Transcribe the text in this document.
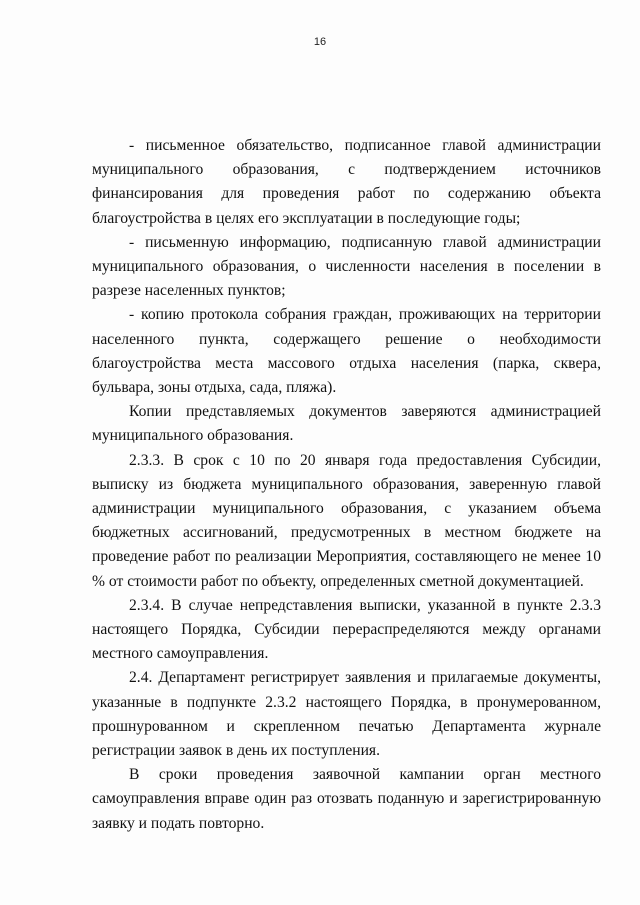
16

- письменное обязательство, подписанное главой администрации муниципального образования, с подтверждением источников финансирования для проведения работ по содержанию объекта благоустройства в целях его эксплуатации в последующие годы;

- письменную информацию, подписанную главой администрации муниципального образования, о численности населения в поселении в разрезе населенных пунктов;

- копию протокола собрания граждан, проживающих на территории населенного пункта, содержащего решение о необходимости благоустройства места массового отдыха населения (парка, сквера, бульвара, зоны отдыха, сада, пляжа).

Копии представляемых документов заверяются администрацией муниципального образования.

2.3.3. В срок с 10 по 20 января года предоставления Субсидии, выписку из бюджета муниципального образования, заверенную главой администрации муниципального образования, с указанием объема бюджетных ассигнований, предусмотренных в местном бюджете на проведение работ по реализации Мероприятия, составляющего не менее 10 % от стоимости работ по объекту, определенных сметной документацией.

2.3.4. В случае непредставления выписки, указанной в пункте 2.3.3 настоящего Порядка, Субсидии перераспределяются между органами местного самоуправления.

2.4. Департамент регистрирует заявления и прилагаемые документы, указанные в подпункте 2.3.2 настоящего Порядка, в пронумерованном, прошнурованном и скрепленном печатью Департамента журнале регистрации заявок в день их поступления.

В сроки проведения заявочной кампании орган местного самоуправления вправе один раз отозвать поданную и зарегистрированную заявку и подать повторно.
